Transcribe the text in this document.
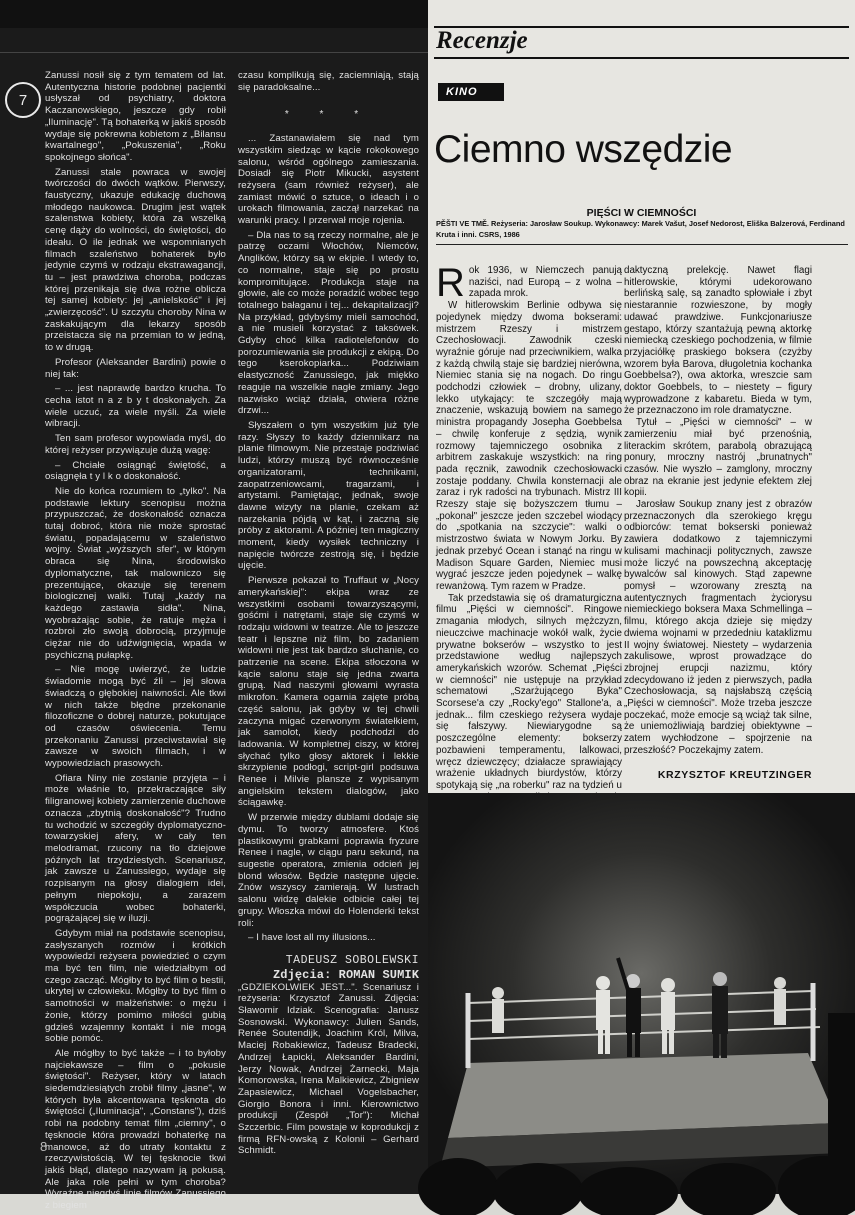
7

Zanussi nosił się z tym tematem od lat. Autentyczna historie podobnej pacjentki usłyszał od psychiatry, doktora Kaczanowskiego, jeszcze gdy robił „Iluminację". Tą bohaterką w jakiś sposób wydaje się pokrewna kobietom z „Bilansu kwartalnego", „Pokuszenia", „Roku spokojnego słońca".

Zanussi stale powraca w swojej twórczości do dwóch wątków. Pierwszy, faustyczny, ukazuje edukację duchową młodego naukowca. Drugim jest wątek szalenstwa kobiety, która za wszelką cenę dąży do wolności, do świętości, do ideału. O ile jednak we wspomnianych filmach szaleństwo bohaterek było jedynie czymś w rodzaju ekstrawagancji, tu – jest prawdziwa choroba, podczas której przenikaja się dwa rożne oblicza tej samej kobiety: jej „anielskość" i jej „zwierzęcość". U szczytu choroby Nina w zaskakującym dla lekarzy sposób przeistacza się na przemian to w jedną, to w drugą.

Profesor (Aleksander Bardini) powie o niej tak:

– ... jest naprawdę bardzo krucha. To cecha istot n a z b y t doskonałych. Za wiele uczuć, za wiele myśli. Za wiele wibracji.

Ten sam profesor wypowiada myśl, do której reżyser przywiązuje dużą wagę:

– Chciałe osiągnąć świętość, a osiągnęła t y l k o doskonałość.

Nie do końca rozumiem to „tylko". Na podstawie lektury scenopisu można przypuszczać, że doskonałość oznacza tutaj dobroć, która nie może sprostać światu, popadającemu w szaleństwo wojny. Świat „wyższych sfer", w którym obraca się Nina, środowisko dyplomatyczne, tak malowniczo się prezentujące, okazuje się terenem biologicznej walki. Tutaj „każdy na każdego zastawia sidła". Nina, wyobrażając sobie, że ratuje męża i rozbroi zło swoją dobrocią, przyjmuje ciężar nie do udźwignięcia, wpada w psychiczną pułapkę.

– Nie mogę uwierzyć, że ludzie świadomie mogą być źli – jej słowa świadczą o głębokiej naiwności. Ale tkwi w nich także błędne przekonanie filozoficzne o dobrej naturze, pokutujące od czasów oświecenia. Temu przekonaniu Zanussi przeciwstawiał się zawsze w swoich filmach, i w wypowiedziach prasowych.

Ofiara Niny nie zostanie przyjęta – i może właśnie to, przekraczające siły filigranowej kobiety zamierzenie duchowe oznacza „zbytnią doskonałość"? Trudno tu wchodzić w szczegóły dyplomatyczno-towarzyskiej afery, w cały ten melodramat, rzucony na tło dziejowe późnych lat trzydziestych. Scenariusz, jak zawsze u Zanussiego, wydaje się rozpisanym na głosy dialogiem idei, pełnym niepokoju, a zarazem współczucia wobec bohaterki, pogrążającej się w iluzji.

Gdybym miał na podstawie scenopisu, zasłyszanych rozmów i krótkich wypowiedzi reżysera powiedzieć o czym ma być ten film, nie wiedziałbym od czego zacząć. Mógłby to być film o bestii, ukrytej w człowieku. Mógłby to być film o samotności w małżeństwie: o mężu i żonie, którzy pomimo miłości gubią gdzieś wzajemny kontakt i nie mogą sobie pomóc.

Ale mógłby to być także – i to byłoby najciekawsze – film o „pokusie świętości". Reżyser, który w latach siedemdziesiątych zrobił filmy „jasne", w których była akcentowana tęsknota do świętości („Iluminacja", „Constans"), dziś robi na podobny temat film „ciemny", o tęsknocie która prowadzi bohaterkę na manowce, aż do utraty kontaktu z rzeczywistością. W tej tęsknocie tkwi jakiś błąd, dlatego nazywam ją pokusą. Ale jaka role pełni w tym choroba? Wyraźne niegdyś linie filmów Zanussiego z biegiem

czasu komplikują się, zaciemniają, stają się paradoksalne...

* * *

... Zastanawiałem się nad tym wszystkim siedząc w kącie rokokowego salonu, wśród ogólnego zamieszania. Dosiadł się Piotr Mikucki, asystent reżysera (sam również reżyser), ale zamiast mówić o sztuce, o ideach i o urokach filmowania, zaczął narzekać na warunki pracy. I przerwał moje rojenia.

– Dla nas to są rzeczy normalne, ale je patrzę oczami Włochów, Niemców, Anglików, którzy są w ekipie. I wtedy to, co normalne, staje się po prostu kompromitujące. Produkcja staje na głowie, ale co może poradzić wobec tego totalnego bałaganu i tej... dekapitalizacji? Na przykład, gdybyśmy mieli samochód, a nie musieli korzystać z taksówek. Gdyby choć kilka radiotelefonów do porozumiewania sie produkcji z ekipą. Do tego kserokopiarka... Podziwiam elastyczność Zanussiego, jak miękko reaguje na wszelkie nagłe zmiany. Jego nazwisko wciąż działa, otwiera różne drzwi...

Słyszałem o tym wszystkim już tyle razy. Słyszy to każdy dziennikarz na planie filmowym. Nie przestaje podziwiać ludzi, którzy muszą być równocześnie organizatorami, technikami, zaopatrzeniowcami, tragarzami, i artystami. Pamiętając, jednak, swoje dawne wizyty na planie, czekam aż narzekania pójdą w kąt, i zaczną się próby z aktorami. A później ten magiczny moment, kiedy wysiłek techniczny i napięcie twórcze zestroją się, i będzie ujęcie.

Pierwsze pokazał to Truffaut w „Nocy amerykańskiej": ekipa wraz ze wszystkimi osobami towarzyszącymi, gośćmi i natrętami, staje się czymś w rodzaju widowni w teatrze. Ale to jeszcze teatr i lepszne niż film, bo zadaniem widowni nie jest tak bardzo słuchanie, co patrzenie na scene. Ekipa stłoczona w kącie salonu staje się jedna zwarta grupą. Nad naszymi głowami wyrasta mikrofon. Kamera ogarnia zajęte próbą część salonu, jak gdyby w tej chwili zaczyna migać czerwonym światełkiem, jak samolot, kiedy podchodzi do ladowania. W kompletnej ciszy, w której słychać tylko głosy aktorek i lekkie skrzypienie podłogi, script-girl podsuwa Renee i Milvie plansze z wypisanym angielskim tekstem dialogów, jako ściągawkę.

W przerwie między dublami dodaje się dymu. To tworzy atmosfere. Ktoś plastikowymi grabkami poprawia fryzure Renee i nagle, w ciągu paru sekund, na sugestie operatora, zmienia odcień jej blond włosów. Będzie następne ujęcie. Znów wszyscy zamierają. W lustrach salonu widzę dalekie odbicie całej tej grupy. Włoszka mówi do Holenderki tekst roli:

– I have lost all my illusions...

TADEUSZ SOBOLEWSKI
Zdjęcia: ROMAN SUMIK

„GDZIEKOLWIEK JEST...". Scenariusz i reżyseria: Krzysztof Zanussi. Zdjęcia: Sławomir Idziak. Scenografia: Janusz Sosnowski. Wykonawcy: Julien Sands, Renée Soutendijk, Joachim Król, Milva, Maciej Robakiewicz, Tadeusz Bradecki, Andrzej Łapicki, Aleksander Bardini, Jerzy Nowak, Andrzej Żarnecki, Maja Komorowska, Irena Malkiewicz, Zbigniew Zapasiewicz, Michael Vogelsbacher, Giorgio Bonora i inni. Kierownictwo produkcji (Zespół „Tor"): Michał Szczerbic. Film powstaje w koprodukcji z firmą RFN-owską z Kolonii – Gerhard Schmidt.

8
Recenzje
KINO
Ciemno wszędzie
PIĘŚCI W CIEMNOŚCI
PĚŠTI VE TMĚ. Reżyseria: Jarosław Soukup. Wykonawcy: Marek Vašut, Josef Nedorost, Eliška Balzerová, Ferdinand Kruta i inni. CSRS, 1986

Rok 1936, w Niemczech panują naziści, nad Europą – z wolna – zapada mrok.

W hitlerowskim Berlinie odbywa się pojedynek między dwoma bokserami: mistrzem Rzeszy i mistrzem Czechosłowacji. Zawodnik czeski wyraźnie góruje nad przeciwnikiem, walka z każdą chwilą staje się bardziej nierówna, Niemiec stania się na nogach. Do ringu podchodzi człowiek – drobny, ulizany, lekko utykający: te szczegóły mają znaczenie, wskazują bowiem na samego ministra propagandy Josepha Goebbelsa – chwilę konferuje z sędzią, wynik rozmowy tajemniczego osobnika z arbitrem zaskakuje wszystkich: na ring pada ręcznik, zawodnik czechosłowacki zostaje poddany. Chwila konsternacji ale zaraz i ryk radości na trybunach. Mistrz III Rzeszy staje się bożyszczem tłumu – „pokonał" jeszcze jeden szczebel wiodący do „spotkania na szczycie": walki o mistrzostwo świata w Nowym Jorku. By jednak przebyć Ocean i stanąć na ringu w Madison Square Garden, Niemiec musi wygrać jeszcze jeden pojedynek – walkę rewanżową. Tym razem w Pradze.

Tak przedstawia się oś dramaturgiczna filmu „Pięści w ciemności". Ringowe zmagania młodych, silnych mężczyzn, nieuczciwe machinacje wokół walk, życie prywatne bokserów – wszystko to jest przedstawione według najlepszych amerykańskich wzorów. Schemat „Pięści w ciemności" nie ustępuje na przykład schematowi „Szarżującego Byka" Scorsese'a czy „Rocky'ego" Stallone'a, a jednak... film czeskiego reżysera wydaje się fałszywy. Niewiarygodne są poszczególne elementy: bokserzy pozbawieni temperamentu, lalkowaci, wręcz dziewczęcy; działacze sprawiający wrażenie układnych biurdystów, którzy spotykają się „na roberku" raz na tydzień u

daktyczną prelekcję. Nawet flagi hitlerowskie, którymi udekorowano berlińską salę, są zanadto spłowiałe i zbyt niestarannie rozwieszone, by mogły udawać prawdziwe. Funkcjonariusze gestapo, którzy szantażują pewną aktorkę niemiecką czeskiego pochodzenia, w filmie przyjaciółkę praskiego boksera (czyżby wzorem była Barova, długoletnia kochanka Goebbelsa?), owa aktorka, wreszcie sam doktor Goebbels, to – niestety – figury wyprowadzone z kabaretu. Bieda w tym, że przeznaczono im role dramatyczne.

Tytuł – „Pięści w ciemności" – w zamierzeniu miał być przenośnią, literackim skrótem, parabolą obrazującą ponury, mroczny nastrój „brunatnych" czasów. Nie wyszło – zamglony, mroczny obraz na ekranie jest jedynie efektem złej kopii.

Jarosław Soukup znany jest z obrazów przeznaczonych dla szerokiego kręgu odbiorców: temat bokserski ponieważ zawiera dodatkowo z tajemniczymi kulisami machinacji politycznych, zawsze może liczyć na powszechną akceptację bywalców sal kinowych. Stąd zapewne pomysł – wzorowany zresztą na autentycznych fragmentach życiorysu niemieckiego boksera Maxa Schmellinga – filmu, którego akcja dzieje się między dwiema wojnami w przededniu kataklizmu II wojny światowej. Niestety – wydarzenia zakulisowe, wprost prowadzące do zbrojnej erupcji nazizmu, który zdecydowano iż jeden z pierwszych, padła Czechosłowacja, są najsłabszą częścią „Pięści w ciemności". Może trzeba jeszcze poczekać, może emocje są wciąż tak silne, że uniemożliwiają bardziej obiektywne – zatem wychłodzone – spojrzenie na przeszłość? Poczekajmy zatem.

KRZYSZTOF KREUTZINGER
